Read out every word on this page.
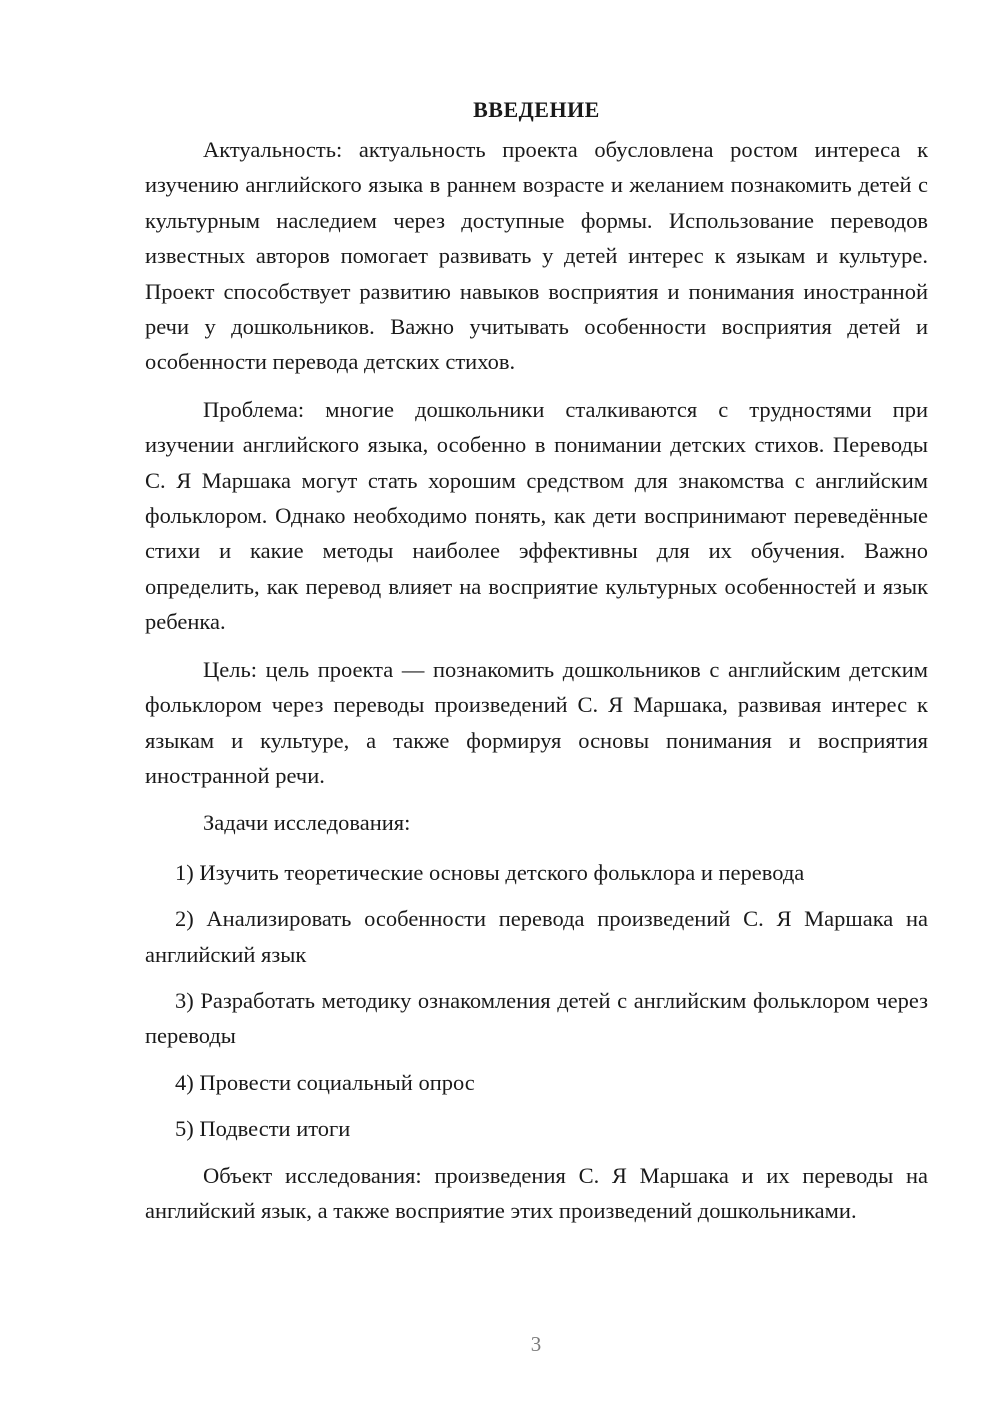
ВВЕДЕНИЕ

Актуальность: актуальность проекта обусловлена ростом интереса к изучению английского языка в раннем возрасте и желанием познакомить детей с культурным наследием через доступные формы. Использование переводов известных авторов помогает развивать у детей интерес к языкам и культуре. Проект способствует развитию навыков восприятия и понимания иностранной речи у дошкольников. Важно учитывать особенности восприятия детей и особенности перевода детских стихов.

Проблема: многие дошкольники сталкиваются с трудностями при изучении английского языка, особенно в понимании детских стихов. Переводы С. Я Маршака могут стать хорошим средством для знакомства с английским фольклором. Однако необходимо понять, как дети воспринимают переведённые стихи и какие методы наиболее эффективны для их обучения. Важно определить, как перевод влияет на восприятие культурных особенностей и язык ребенка.

Цель: цель проекта — познакомить дошкольников с английским детским фольклором через переводы произведений С. Я Маршака, развивая интерес к языкам и культуре, а также формируя основы понимания и восприятия иностранной речи.

Задачи исследования:

1) Изучить теоретические основы детского фольклора и перевода

2) Анализировать особенности перевода произведений С. Я Маршака на английский язык

3) Разработать методику ознакомления детей с английским фольклором через переводы

4) Провести социальный опрос

5) Подвести итоги

Объект исследования: произведения С. Я Маршака и их переводы на английский язык, а также восприятие этих произведений дошкольниками.

3
